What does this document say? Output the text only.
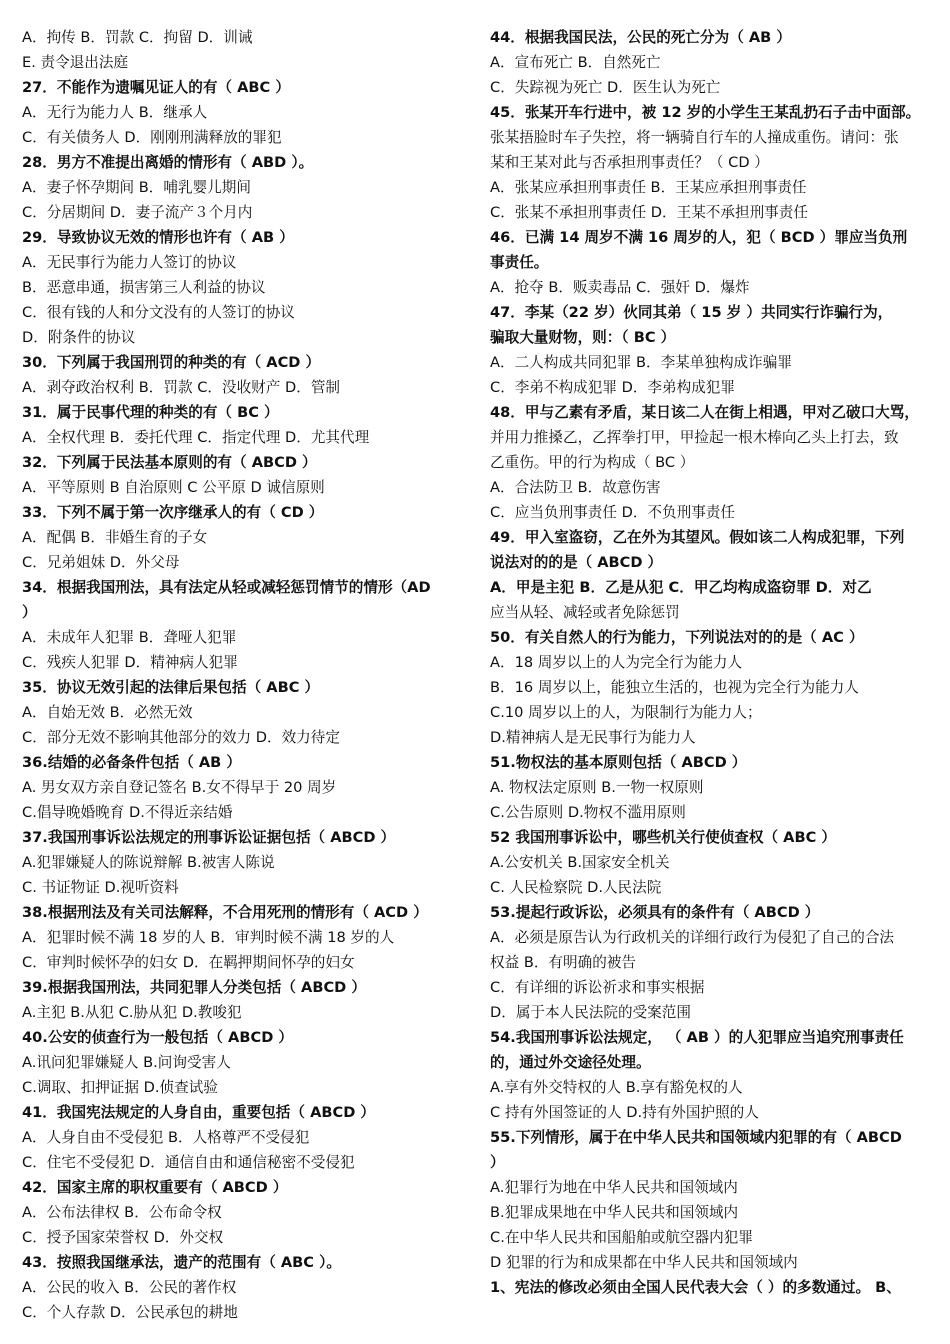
A．拘传 B．罚款 C．拘留 D．训诫
E. 责令退出法庭
27．不能作为遗嘱见证人的有（ ABC ）
A．无行为能力人 B．继承人
C．有关债务人 D．刚刚刑满释放的罪犯
28．男方不准提出离婚的情形有（ ABD ）。
A．妻子怀孕期间 B．哺乳婴儿期间
C．分居期间 D．妻子流产３个月内
29．导致协议无效的情形也许有（ AB ）
A．无民事行为能力人签订的协议
B．恶意串通，损害第三人利益的协议
C．很有钱的人和分文没有的人签订的协议
D．附条件的协议
30．下列属于我国刑罚的种类的有（ ACD ）
A．剥夺政治权利 B．罚款 C．没收财产 D．管制
31．属于民事代理的种类的有（ BC ）
A．全权代理 B．委托代理 C．指定代理 D．尤其代理
32．下列属于民法基本原则的有（ ABCD ）
A．平等原则 B 自治原则 C 公平原 D 诚信原则
33．下列不属于第一次序继承人的有（ CD ）
A．配偶 B．非婚生育的子女
C．兄弟姐妹 D．外父母
34．根据我国刑法，具有法定从轻或减轻惩罚情节的情形（AD
）
A．未成年人犯罪 B．聋哑人犯罪
C．残疾人犯罪 D．精神病人犯罪
35．协议无效引起的法律后果包括（ ABC ）
A．自始无效 B．必然无效
C．部分无效不影响其他部分的效力 D．效力待定
36.结婚的必备条件包括（ AB ）
A. 男女双方亲自登记签名 B.女不得早于 20 周岁
C.倡导晚婚晚育 D.不得近亲结婚
37.我国刑事诉讼法规定的刑事诉讼证据包括（ ABCD ）
A.犯罪嫌疑人的陈说辩解 B.被害人陈说
C. 书证物证 D.视听资料
38.根据刑法及有关司法解释，不合用死刑的情形有（ ACD ）
A．犯罪时候不满 18 岁的人 B．审判时候不满 18 岁的人
C．审判时候怀孕的妇女 D．在羁押期间怀孕的妇女
39.根据我国刑法，共同犯罪人分类包括（ ABCD ）
A.主犯 B.从犯 C.胁从犯 D.教唆犯
40.公安的侦查行为一般包括（ ABCD ）
A.讯问犯罪嫌疑人 B.问询受害人
C.调取、扣押证据 D.侦查试验
41．我国宪法规定的人身自由，重要包括（ ABCD ）
A．人身自由不受侵犯 B．人格尊严不受侵犯
C．住宅不受侵犯 D．通信自由和通信秘密不受侵犯
42．国家主席的职权重要有（ ABCD ）
A．公布法律权 B．公布命令权
C．授予国家荣誉权 D．外交权
43．按照我国继承法，遗产的范围有（ ABC ）。
A．公民的收入 B．公民的著作权
C．个人存款 D．公民承包的耕地
44．根据我国民法，公民的死亡分为（ AB ）
A．宣布死亡 B．自然死亡
C．失踪视为死亡 D．医生认为死亡
45．张某开车行进中，被 12 岁的小学生王某乱扔石子击中面部。
张某捂脸时车子失控，将一辆骑自行车的人撞成重伤。请问：张
某和王某对此与否承担刑事责任？（ CD ）
A．张某应承担刑事责任 B．王某应承担刑事责任
C．张某不承担刑事责任 D．王某不承担刑事责任
46．已满 14 周岁不满 16 周岁的人，犯（ BCD ）罪应当负刑
事责任。
A．抢夺 B．贩卖毒品 C．强奸 D．爆炸
47．李某（22 岁）伙同其弟（ 15 岁 ）共同实行诈骗行为，
骗取大量财物，则：（ BC ）
A．二人构成共同犯罪 B．李某单独构成诈骗罪
C．李弟不构成犯罪 D．李弟构成犯罪
48．甲与乙素有矛盾，某日该二人在街上相遇，甲对乙破口大骂，
并用力推搡乙，乙挥拳打甲，甲捡起一根木棒向乙头上打去，致
乙重伤。甲的行为构成（ BC ）
A．合法防卫 B．故意伤害
C．应当负刑事责任 D．不负刑事责任
49．甲入室盗窃，乙在外为其望风。假如该二人构成犯罪，下列
说法对的的是（ ABCD ）
A．甲是主犯 B．乙是从犯 C．甲乙均构成盗窃罪 D．对乙
应当从轻、减轻或者免除惩罚
50．有关自然人的行为能力，下列说法对的的是（ AC ）
A．18 周岁以上的人为完全行为能力人
B．16 周岁以上，能独立生活的，也视为完全行为能力人
C.10 周岁以上的人，为限制行为能力人；
D.精神病人是无民事行为能力人
51.物权法的基本原则包括（ ABCD ）
A. 物权法定原则 B.一物一权原则
C.公告原则 D.物权不滥用原则
52 我国刑事诉讼中，哪些机关行使侦查权（ ABC ）
A.公安机关 B.国家安全机关
C. 人民检察院 D.人民法院
53.提起行政诉讼，必须具有的条件有（ ABCD ）
A．必须是原告认为行政机关的详细行政行为侵犯了自己的合法
权益 B．有明确的被告
C．有详细的诉讼祈求和事实根据
D．属于本人民法院的受案范围
54.我国刑事诉讼法规定， （ AB ）的人犯罪应当追究刑事责任
的，通过外交途径处理。
A.享有外交特权的人 B.享有豁免权的人
C 持有外国签证的人 D.持有外国护照的人
55.下列情形，属于在中华人民共和国领域内犯罪的有（ ABCD
）
A.犯罪行为地在中华人民共和国领域内
B.犯罪成果地在中华人民共和国领域内
C.在中华人民共和国船舶或航空器内犯罪
D 犯罪的行为和成果都在中华人民共和国领域内
1、宪法的修改必须由全国人民代表大会（ ）的多数通过。 B、
